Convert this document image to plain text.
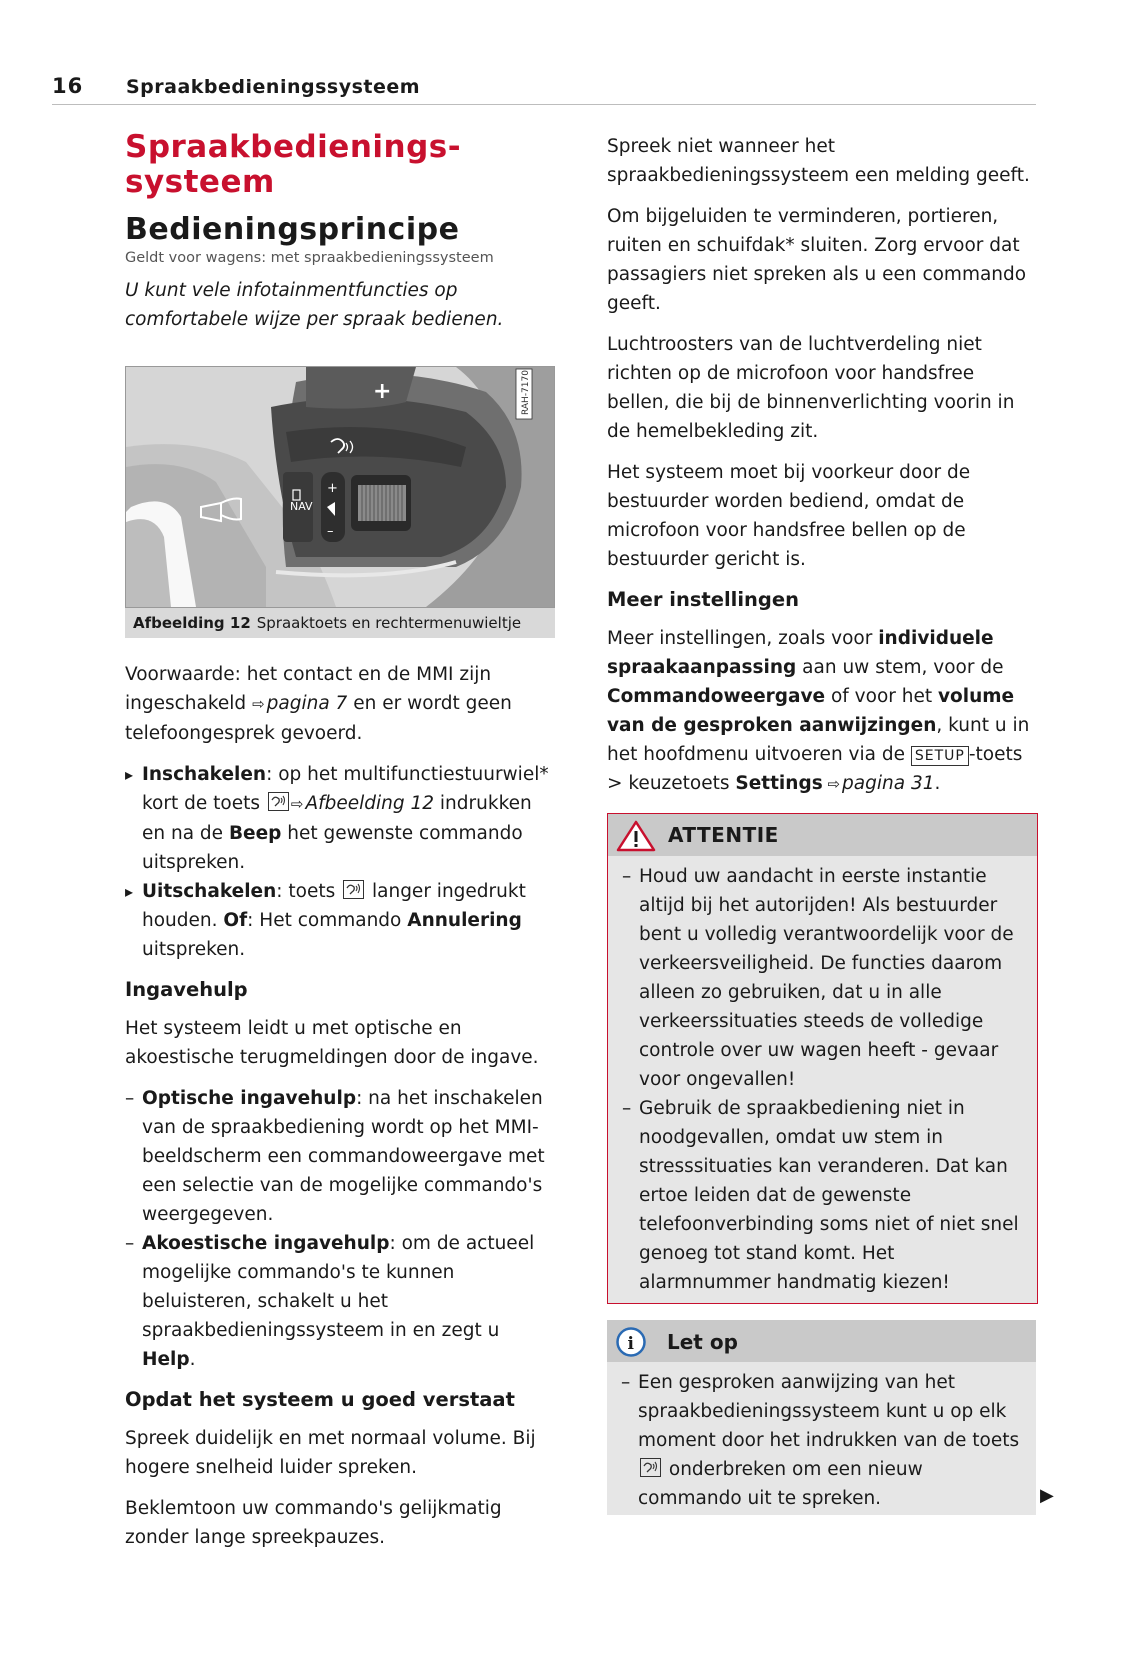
16 Spraakbedieningssysteem
Spraakbedienings-
systeem
Bedieningsprincipe

Geldt voor wagens: met spraakbedieningssysteem

U kunt vele infotainmentfuncties op comfortabele wijze per spraak bedienen.

+
NAV
+
–
RAH-7170
Afbeelding 12 Spraaktoets en rechtermenuwieltje

Voorwaarde: het contact en de MMI zijn ingeschakeld ⇨ pagina 7 en er wordt geen telefoongesprek gevoerd.

▸ Inschakelen: op het multifunctiestuurwiel* kort de toets
⇨ Afbeelding 12 indrukken en na de Beep het gewenste commando uitspreken.
▸ Uitschakelen: toets
langer ingedrukt houden. Of: Het commando Annulering uitspreken.
Ingavehulp

Het systeem leidt u met optische en akoestische terugmeldingen door de ingave.

– Optische ingavehulp: na het inschakelen van de spraakbediening wordt op het MMI-beeldscherm een commandoweergave met een selectie van de mogelijke commando's weergegeven.
– Akoestische ingavehulp: om de actueel mogelijke commando's te kunnen beluisteren, schakelt u het spraakbedieningssysteem in en zegt u Help.
Opdat het systeem u goed verstaat

Spreek duidelijk en met normaal volume. Bij hogere snelheid luider spreken.

Beklemtoon uw commando's gelijkmatig zonder lange spreekpauzes.

Spreek niet wanneer het spraakbedieningssysteem een melding geeft.

Om bijgeluiden te verminderen, portieren, ruiten en schuifdak* sluiten. Zorg ervoor dat passagiers niet spreken als u een commando geeft.

Luchtroosters van de luchtverdeling niet richten op de microfoon voor handsfree bellen, die bij de binnenverlichting voorin in de hemelbekleding zit.

Het systeem moet bij voorkeur door de bestuurder worden bediend, omdat de microfoon voor handsfree bellen op de bestuurder gericht is.

Meer instellingen

Meer instellingen, zoals voor individuele spraakaanpassing aan uw stem, voor de Commandoweergave of voor het volume van de gesproken aanwijzingen, kunt u in het hoofdmenu uitvoeren via de SETUP -toets > keuzetoets Settings ⇨ pagina 31.

ATTENTIE
– Houd uw aandacht in eerste instantie altijd bij het autorijden! Als bestuurder bent u volledig verantwoordelijk voor de verkeersveiligheid. De functies daarom alleen zo gebruiken, dat u in alle verkeerssituaties steeds de volledige controle over uw wagen heeft - gevaar voor ongevallen!
– Gebruik de spraakbediening niet in noodgevallen, omdat uw stem in stresssituaties kan veranderen. Dat kan ertoe leiden dat de gewenste telefoonverbinding soms niet of niet snel genoeg tot stand komt. Het alarmnummer handmatig kiezen!
i Let op
– Een gesproken aanwijzing van het spraakbedieningssysteem kunt u op elk moment door het indrukken van de toets
onderbreken om een nieuw commando uit te spreken.	▶
